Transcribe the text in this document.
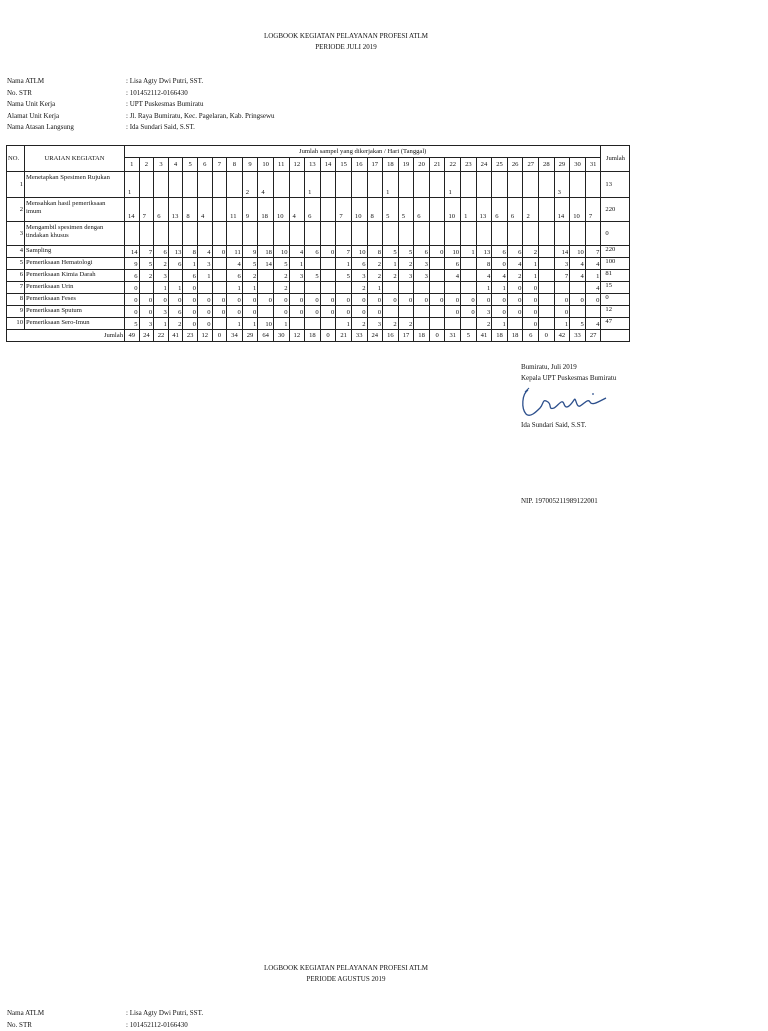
LOGBOOK KEGIATAN PELAYANAN PROFESI ATLM
PERIODE JULI 2019
Nama ATLM	: Lisa Agty Dwi Putri, SST.
No. STR	: 101452112-0166430
Nama Unit Kerja	: UPT Puskesmas Bumiratu
Alamat Unit Kerja	: Jl. Raya Bumiratu, Kec. Pagelaran, Kab. Pringsewu
Nama Atasan Langsung	: Ida Sundari Said, S.ST.
NO.	URAIAN KEGIATAN	Jumlah sampel yang dikerjakan / Hari (Tanggal)																															Jumlah
		1	2	3	4	5	6	7	8	9	10	11	12	13	14	15	16	17	18	19	20	21	22	23	24	25	26	27	28	29	30	31	

1	Menetapkan Spesimen Rujukan	1								2	4			1					1				1							3			13

2	Mensahkan hasil pemeriksaan imum	14	7	6	13	8	4		11	9	18	10	4	6		7	10	8	5	5	6		10	1	13	6	6	2		14	10	7	220

3	Mengambil spesimen dengan tindakan khusus																																0

4	Sampling	14	7	6	13	8	4	0	11	9	18	10	4	6	0	7	10	8	5	5	6	0	10	1	13	6	6	2		14	10	7	220

5	Pemeriksaan Hematologi	9	5	2	6	1	3		4	5	14	5	1			1	6	2	1	2	3		6		8	0	4	1		3	4	4	100

6	Pemeriksaan Kimia Darah	6	2	3		6	1		6	2		2	3	5		5	3	2	2	3	3		4		4	4	2	1		7	4	1	81

7	Pemeriksaan Urin	0		1	1	0			1	1		2					2	1							1	1	0	0				4	15

8	Pemeriksaan Feses	0	0	0	0	0	0	0	0	0	0	0	0	0	0	0	0	0	0	0	0	0	0	0	0	0	0	0		0	0	0	0

9	Pemeriksaan Sputum	0	0	3	6	0	0	0	0	0		0	0	0	0	0	0	0					0	0	3	0	0	0		0			12

10	Pemeriksaan Sero-Imun	5	3	1	2	0	0		1	1	10	1				1	2	3	2	2					2	1		0		1	5	4	47
Jumlah		49	24	22	41	23	12	0	34	29	64	30	12	18	0	21	33	24	16	17	18	0	31	5	41	18	18	6	0	42	33	27	
Bumiratu, Juli 2019
Kepala UPT Puskesmas Bumiratu
Ida Sundari Said, S.ST.
NIP. 197005211989122001
LOGBOOK KEGIATAN PELAYANAN PROFESI ATLM
PERIODE AGUSTUS 2019
Nama ATLM	: Lisa Agty Dwi Putri, SST.
No. STR	: 101452112-0166430
